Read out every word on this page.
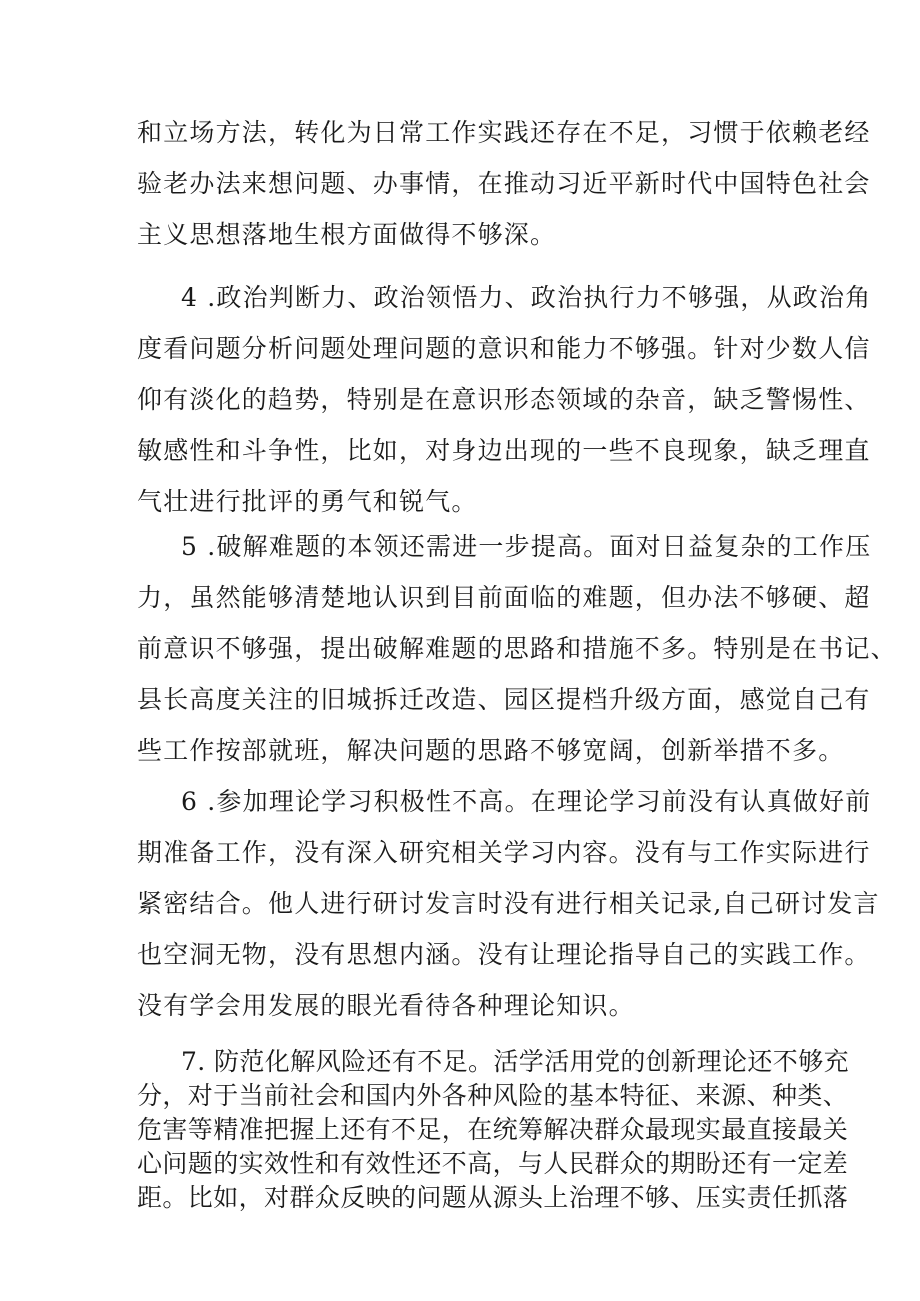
和立场方法，转化为日常工作实践还存在不足，习惯于依赖老经
验老办法来想问题、办事情，在推动习近平新时代中国特色社会
主义思想落地生根方面做得不够深。
4 .政治判断力、政治领悟力、政治执行力不够强，从政治角
度看问题分析问题处理问题的意识和能力不够强。针对少数人信
仰有淡化的趋势，特别是在意识形态领域的杂音，缺乏警惕性、
敏感性和斗争性，比如，对身边出现的一些不良现象，缺乏理直
气壮进行批评的勇气和锐气。
5 .破解难题的本领还需进一步提高。面对日益复杂的工作压
力，虽然能够清楚地认识到目前面临的难题，但办法不够硬、超
前意识不够强，提出破解难题的思路和措施不多。特别是在书记、
县长高度关注的旧城拆迁改造、园区提档升级方面，感觉自己有
些工作按部就班，解决问题的思路不够宽阔，创新举措不多。
6 .参加理论学习积极性不高。在理论学习前没有认真做好前
期准备工作，没有深入研究相关学习内容。没有与工作实际进行
紧密结合。他人进行研讨发言时没有进行相关记录,自己研讨发言
也空洞无物，没有思想内涵。没有让理论指导自己的实践工作。
没有学会用发展的眼光看待各种理论知识。
7. 防范化解风险还有不足。活学活用党的创新理论还不够充
分，对于当前社会和国内外各种风险的基本特征、来源、种类、
危害等精准把握上还有不足，在统筹解决群众最现实最直接最关
心问题的实效性和有效性还不高，与人民群众的期盼还有一定差
距。比如，对群众反映的问题从源头上治理不够、压实责任抓落
